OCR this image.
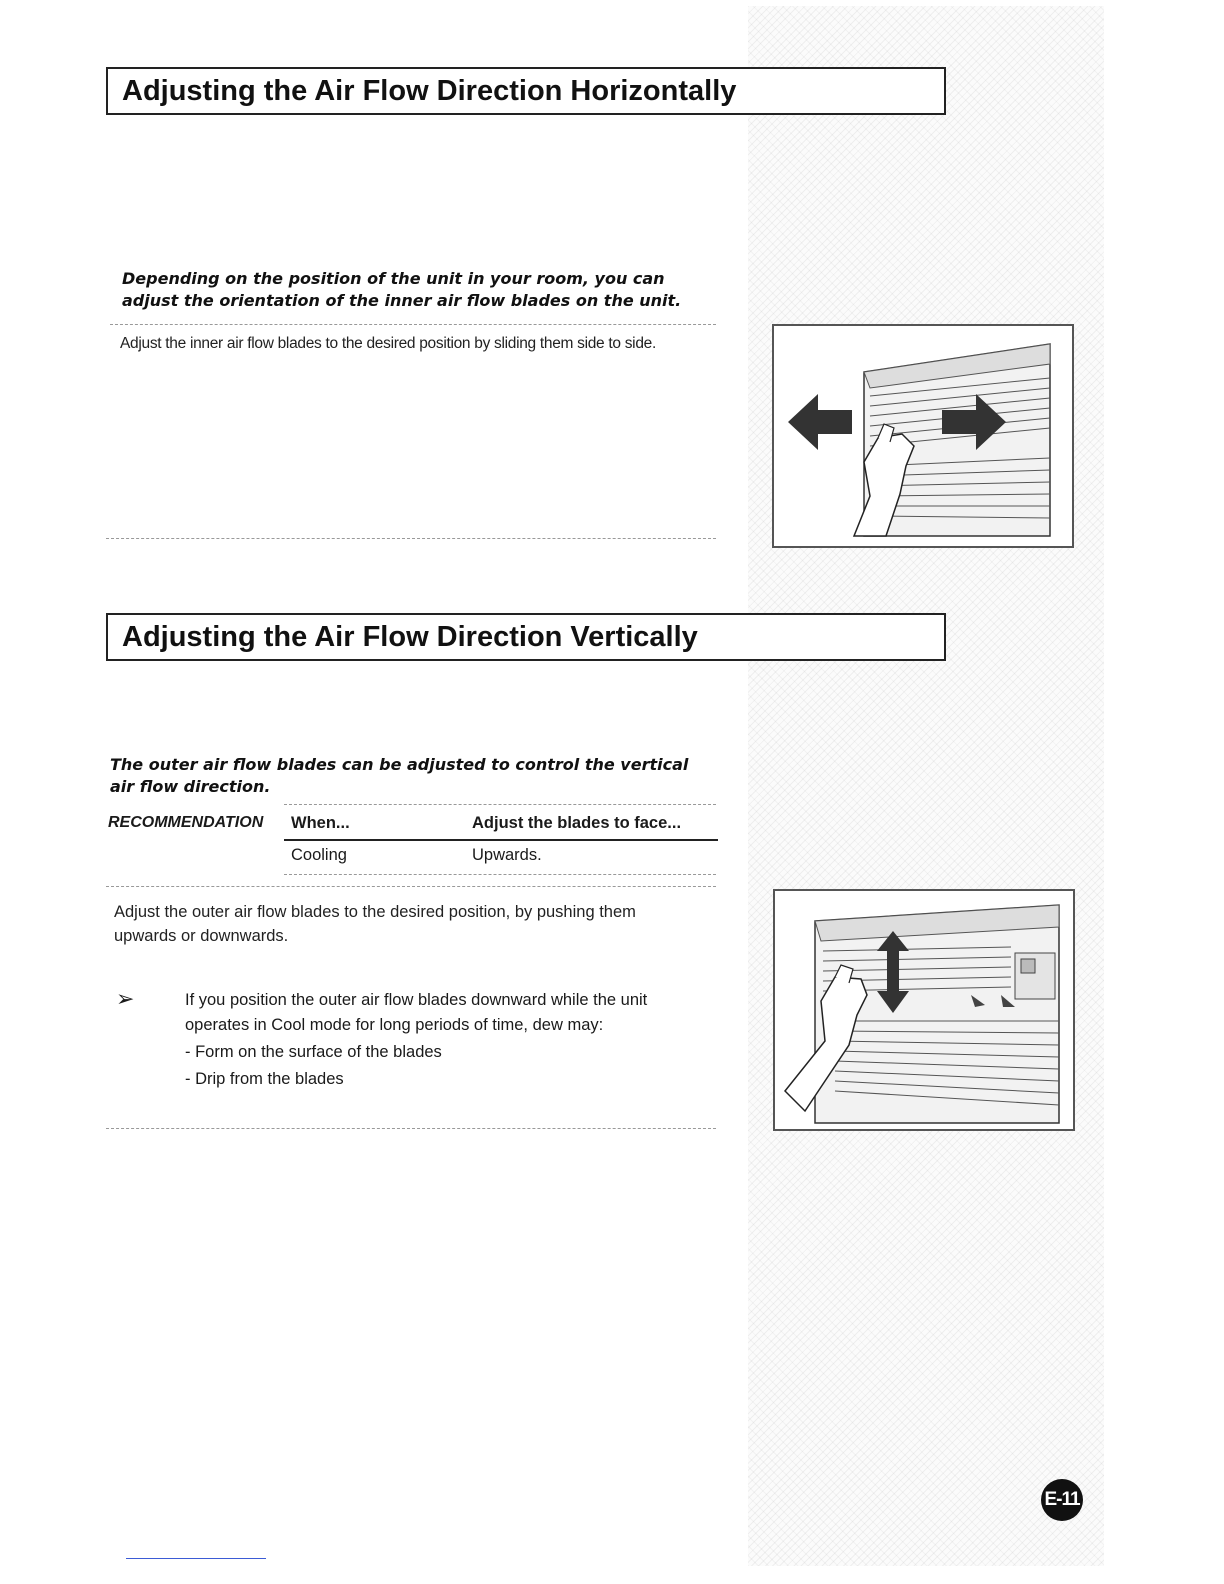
Adjusting the Air Flow Direction Horizontally
Depending on the position of the unit in your room, you can adjust the orientation of the inner air flow blades on the unit.
Adjust the inner air flow blades to the desired position by sliding them side to side.
Adjusting the Air Flow Direction Vertically
The outer air flow blades can be adjusted to control the vertical air flow direction.
RECOMMENDATION When...	Adjust the blades to face...
Cooling	Upwards.
Adjust the outer air flow blades to the desired position, by pushing them upwards or downwards.
➢	If you position the outer air flow blades downward while the unit operates in Cool mode for long periods of time, dew may:
- Form on the surface of the blades
- Drip from the blades
E-11
